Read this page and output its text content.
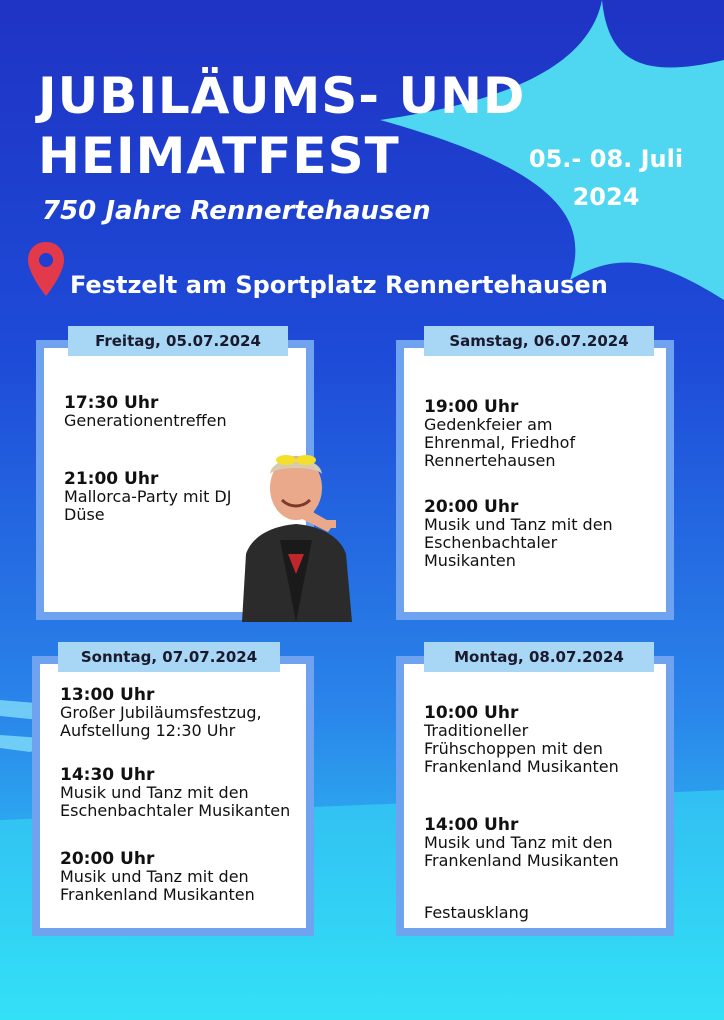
JUBILÄUMS- UND
HEIMATFEST
750 Jahre Rennertehausen
05.- 08. Juli
2024
Festzelt am Sportplatz Rennertehausen
Freitag, 05.07.2024
17:30 Uhr
Generationentreffen
21:00 Uhr
Mallorca-Party mit DJ Düse
Samstag, 06.07.2024
19:00 Uhr
Gedenkfeier am Ehrenmal, Friedhof Rennertehausen
20:00 Uhr
Musik und Tanz mit den Eschenbachtaler Musikanten
Sonntag, 07.07.2024
13:00 Uhr
Großer Jubiläumsfestzug, Aufstellung 12:30 Uhr
14:30 Uhr
Musik und Tanz mit den Eschenbachtaler Musikanten
20:00 Uhr
Musik und Tanz mit den Frankenland Musikanten
Montag, 08.07.2024
10:00 Uhr
Traditioneller Frühschoppen mit den Frankenland Musikanten
14:00 Uhr
Musik und Tanz mit den Frankenland Musikanten
Festausklang
